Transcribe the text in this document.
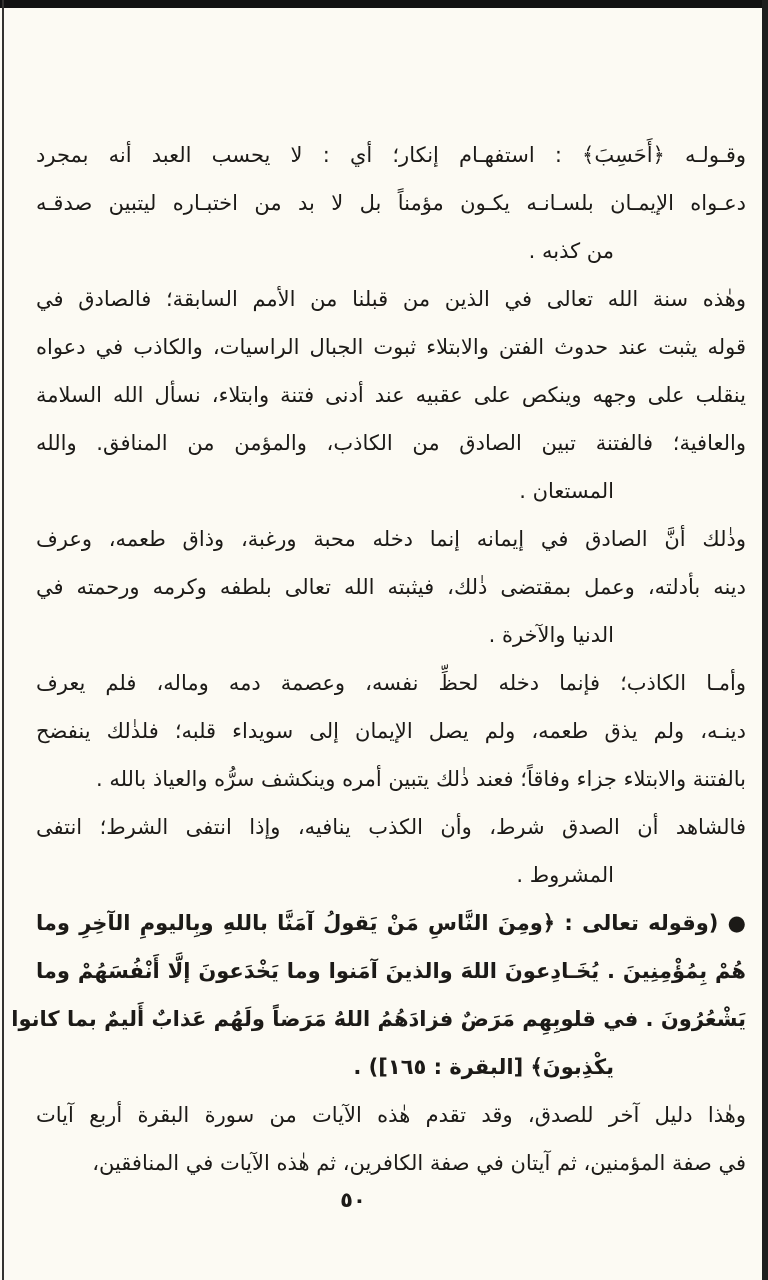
وقـولـه ﴿أَحَسِبَ﴾ : استفهـام إنكار؛ أي : لا يحسب العبد أنه بمجرد
دعـواه الإيمـان بلسـانـه يكـون مؤمناً بل لا بد من اختبـاره ليتبين صدقـه
من كذبه .
وهٰذه سنة الله تعالى في الذين من قبلنا من الأمم السابقة؛ فالصادق في
قوله يثبت عند حدوث الفتن والابتلاء ثبوت الجبال الراسيات، والكاذب في دعواه
ينقلب على وجهه وينكص على عقبيه عند أدنى فتنة وابتلاء، نسأل الله السلامة
والعافية؛ فالفتنة تبين الصادق من الكاذب، والمؤمن من المنافق. والله
المستعان .
وذٰلك أنَّ الصادق في إيمانه إنما دخله محبة ورغبة، وذاق طعمه، وعرف
دينه بأدلته، وعمل بمقتضى ذٰلك، فيثبته الله تعالى بلطفه وكرمه ورحمته في
الدنيا والآخرة .
وأمـا الكاذب؛ فإنما دخله لحظِّ نفسه، وعصمة دمه وماله، فلم يعرف
دينـه، ولم يذق طعمه، ولم يصل الإيمان إلى سويداء قلبه؛ فلذٰلك ينفضح
بالفتنة والابتلاء جزاء وفاقاً؛ فعند ذٰلك يتبين أمره وينكشف سرُّه والعياذ بالله .
فالشاهد أن الصدق شرط، وأن الكذب ينافيه، وإذا انتفى الشرط؛ انتفى
المشروط .
● (وقوله تعالى : ﴿ومِنَ النَّاسِ مَنْ يَقولُ آمَنَّا باللهِ وبِاليومِ الآخِرِ وما
هُمْ بِمُؤْمِنِينَ . يُخَـادِعونَ اللهَ والذينَ آمَنوا وما يَخْدَعونَ إلَّا أَنْفُسَهُمْ وما
يَشْعُرُونَ . في قلوبِهِم مَرَضٌ فزادَهُمُ اللهُ مَرَضاً ولَهُم عَذابٌ أَليمٌ بما كانوا
يكْذِبونَ﴾ [البقرة : ١٦٥]) .
وهٰذا دليل آخر للصدق، وقد تقدم هٰذه الآيات من سورة البقرة أربع آيات
في صفة المؤمنين، ثم آيتان في صفة الكافرين، ثم هٰذه الآيات في المنافقين،
٥٠
